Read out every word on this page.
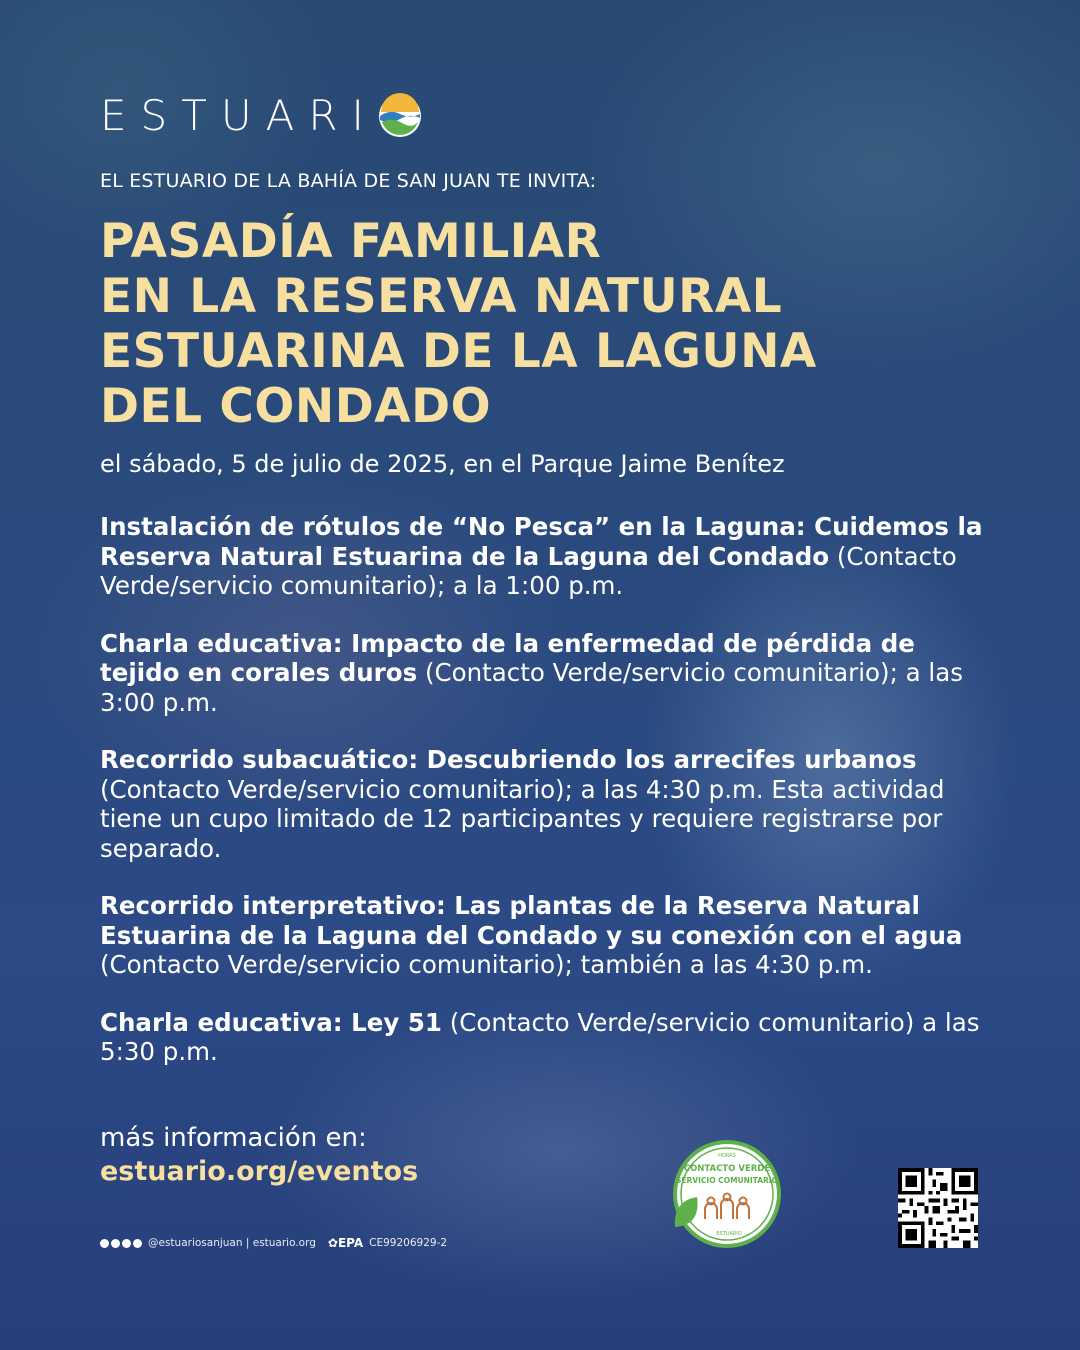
ESTUARI
EL ESTUARIO DE LA BAHÍA DE SAN JUAN TE INVITA:
PASADÍA FAMILIAR
EN LA RESERVA NATURAL
ESTUARINA DE LA LAGUNA
DEL CONDADO
el sábado, 5 de julio de 2025, en el Parque Jaime Benítez
Instalación de rótulos de “No Pesca” en la Laguna: Cuidemos la Reserva Natural Estuarina de la Laguna del Condado (Contacto Verde/servicio comunitario); a la 1:00 p.m.
Charla educativa: Impacto de la enfermedad de pérdida de tejido en corales duros (Contacto Verde/servicio comunitario); a las 3:00 p.m.
Recorrido subacuático: Descubriendo los arrecifes urbanos (Contacto Verde/servicio comunitario); a las 4:30 p.m. Esta actividad tiene un cupo limitado de 12 participantes y requiere registrarse por separado.
Recorrido interpretativo: Las plantas de la Reserva Natural Estuarina de la Laguna del Condado y su conexión con el agua (Contacto Verde/servicio comunitario); también a las 4:30 p.m.
Charla educativa: Ley 51 (Contacto Verde/servicio comunitario) a las 5:30 p.m.
más información en:
estuario.org/eventos
@estuariosanjuan | estuario.org ✿EPA CE99206929-2
HORAS
CONTACTO VERDE
SERVICIO COMUNITARIO
ESTUARIO
